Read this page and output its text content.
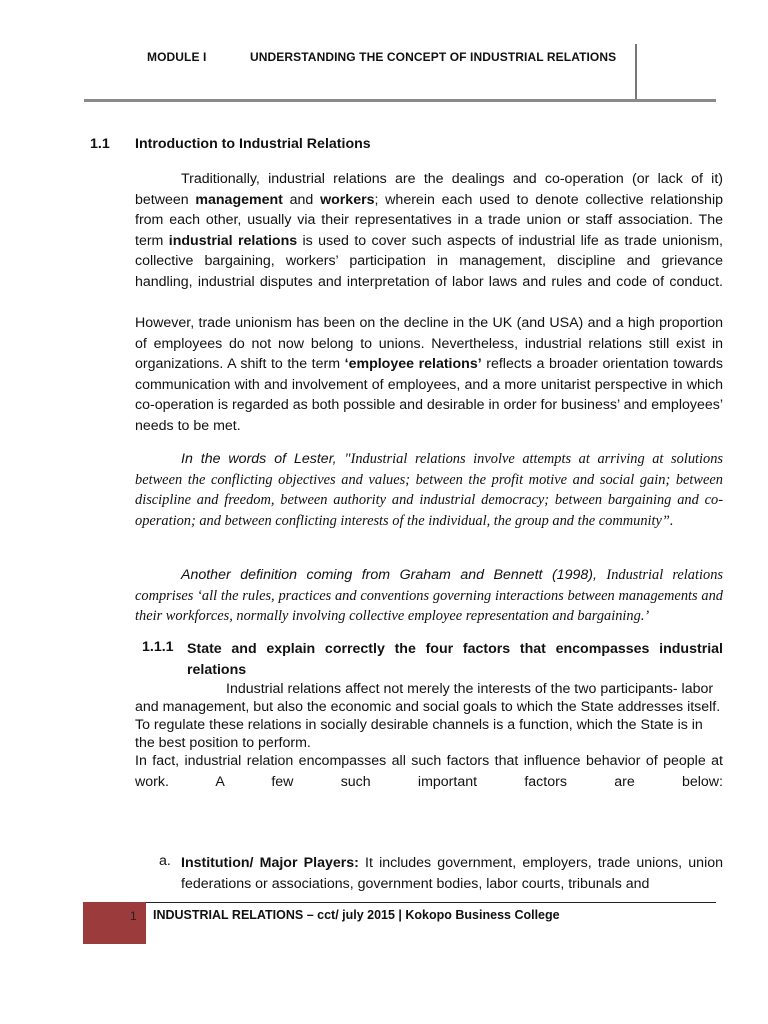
MODULE I	UNDERSTANDING THE CONCEPT OF INDUSTRIAL RELATIONS
1.1 Introduction to Industrial Relations

Traditionally, industrial relations are the dealings and co-operation (or lack of it) between management and workers; wherein each used to denote collective relationship from each other, usually via their representatives in a trade union or staff association. The term industrial relations is used to cover such aspects of industrial life as trade unionism, collective bargaining, workers’ participation in management, discipline and grievance handling, industrial disputes and interpretation of labor laws and rules and code of conduct.

However, trade unionism has been on the decline in the UK (and USA) and a high proportion of employees do not now belong to unions. Nevertheless, industrial relations still exist in organizations. A shift to the term ‘employee relations’ reflects a broader orientation towards communication with and involvement of employees, and a more unitarist perspective in which co-operation is regarded as both possible and desirable in order for business’ and employees’ needs to be met.

In the words of Lester, "Industrial relations involve attempts at arriving at solutions between the conflicting objectives and values; between the profit motive and social gain; between discipline and freedom, between authority and industrial democracy; between bargaining and co-operation; and between conflicting interests of the individual, the group and the community”.

Another definition coming from Graham and Bennett (1998), Industrial relations comprises ‘all the rules, practices and conventions governing interactions between managements and their workforces, normally involving collective employee representation and bargaining.’

1.1.1 State and explain correctly the four factors that encompasses industrial relations

Industrial relations affect not merely the interests of the two participants- labor and management, but also the economic and social goals to which the State addresses itself. To regulate these relations in socially desirable channels is a function, which the State is in the best position to perform.

In fact, industrial relation encompasses all such factors that influence behavior of people at work. A few such important factors are below:

a. Institution/ Major Players: It includes government, employers, trade unions, union federations or associations, government bodies, labor courts, tribunals and
1 INDUSTRIAL RELATIONS – cct/ july 2015 | Kokopo Business College
